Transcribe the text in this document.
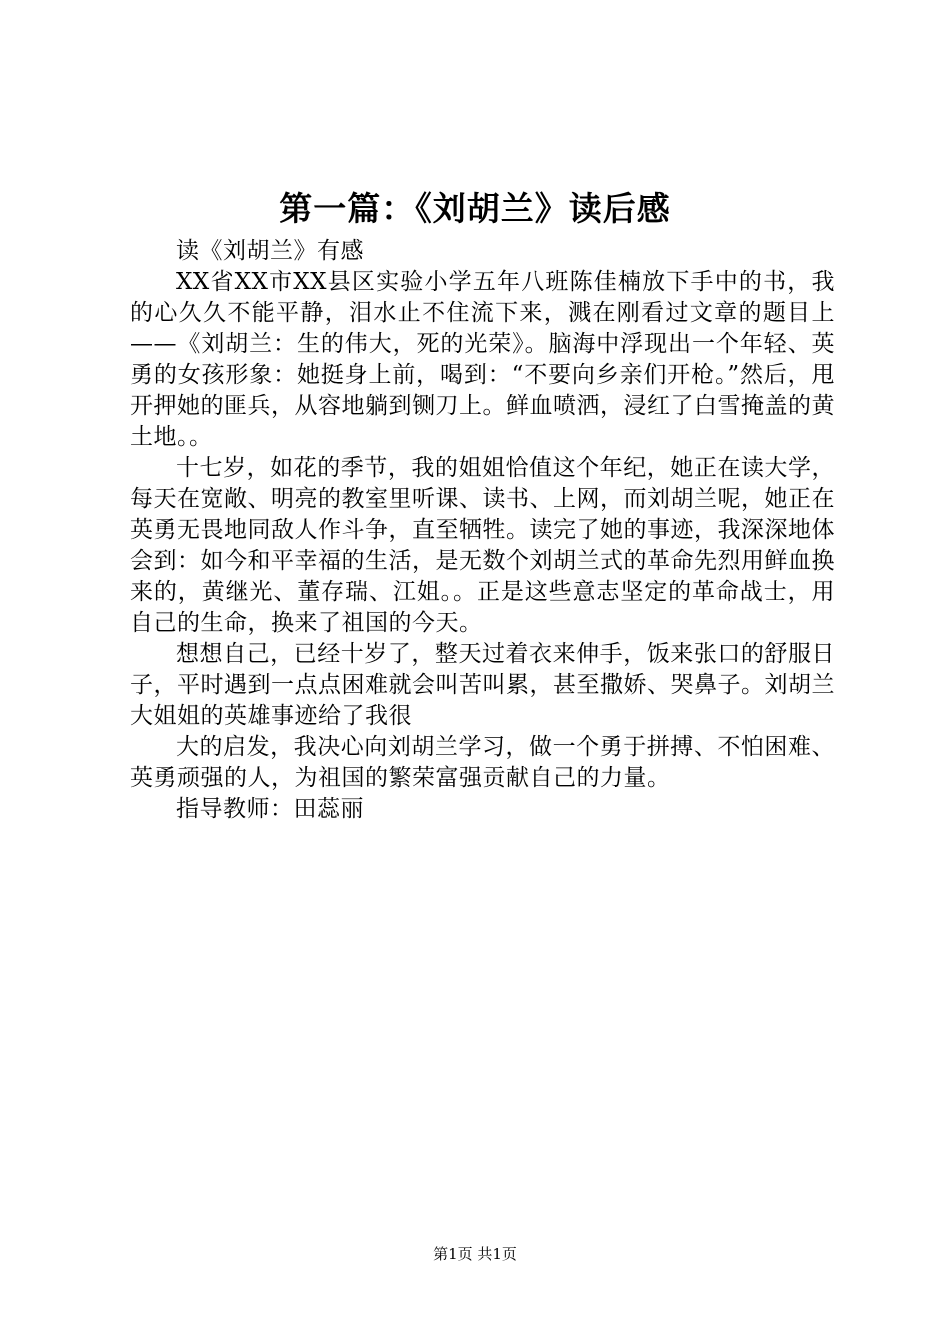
第一篇：《刘胡兰》读后感

读《刘胡兰》有感

XX省XX市XX县区实验小学五年八班陈佳楠放下手中的书，我的心久久不能平静，泪水止不住流下来，溅在刚看过文章的题目上——《刘胡兰：生的伟大，死的光荣》。脑海中浮现出一个年轻、英勇的女孩形象：她挺身上前，喝到：“不要向乡亲们开枪。”然后，甩开押她的匪兵，从容地躺到铡刀上。鲜血喷洒，浸红了白雪掩盖的黄土地。。

十七岁，如花的季节，我的姐姐恰值这个年纪，她正在读大学，每天在宽敞、明亮的教室里听课、读书、上网，而刘胡兰呢，她正在英勇无畏地同敌人作斗争，直至牺牲。读完了她的事迹，我深深地体会到：如今和平幸福的生活，是无数个刘胡兰式的革命先烈用鲜血换来的，黄继光、董存瑞、江姐。。正是这些意志坚定的革命战士，用自己的生命，换来了祖国的今天。

想想自己，已经十岁了，整天过着衣来伸手，饭来张口的舒服日子，平时遇到一点点困难就会叫苦叫累，甚至撒娇、哭鼻子。刘胡兰大姐姐的英雄事迹给了我很

大的启发，我决心向刘胡兰学习，做一个勇于拼搏、不怕困难、英勇顽强的人，为祖国的繁荣富强贡献自己的力量。

指导教师：田蕊丽

第1页 共1页
